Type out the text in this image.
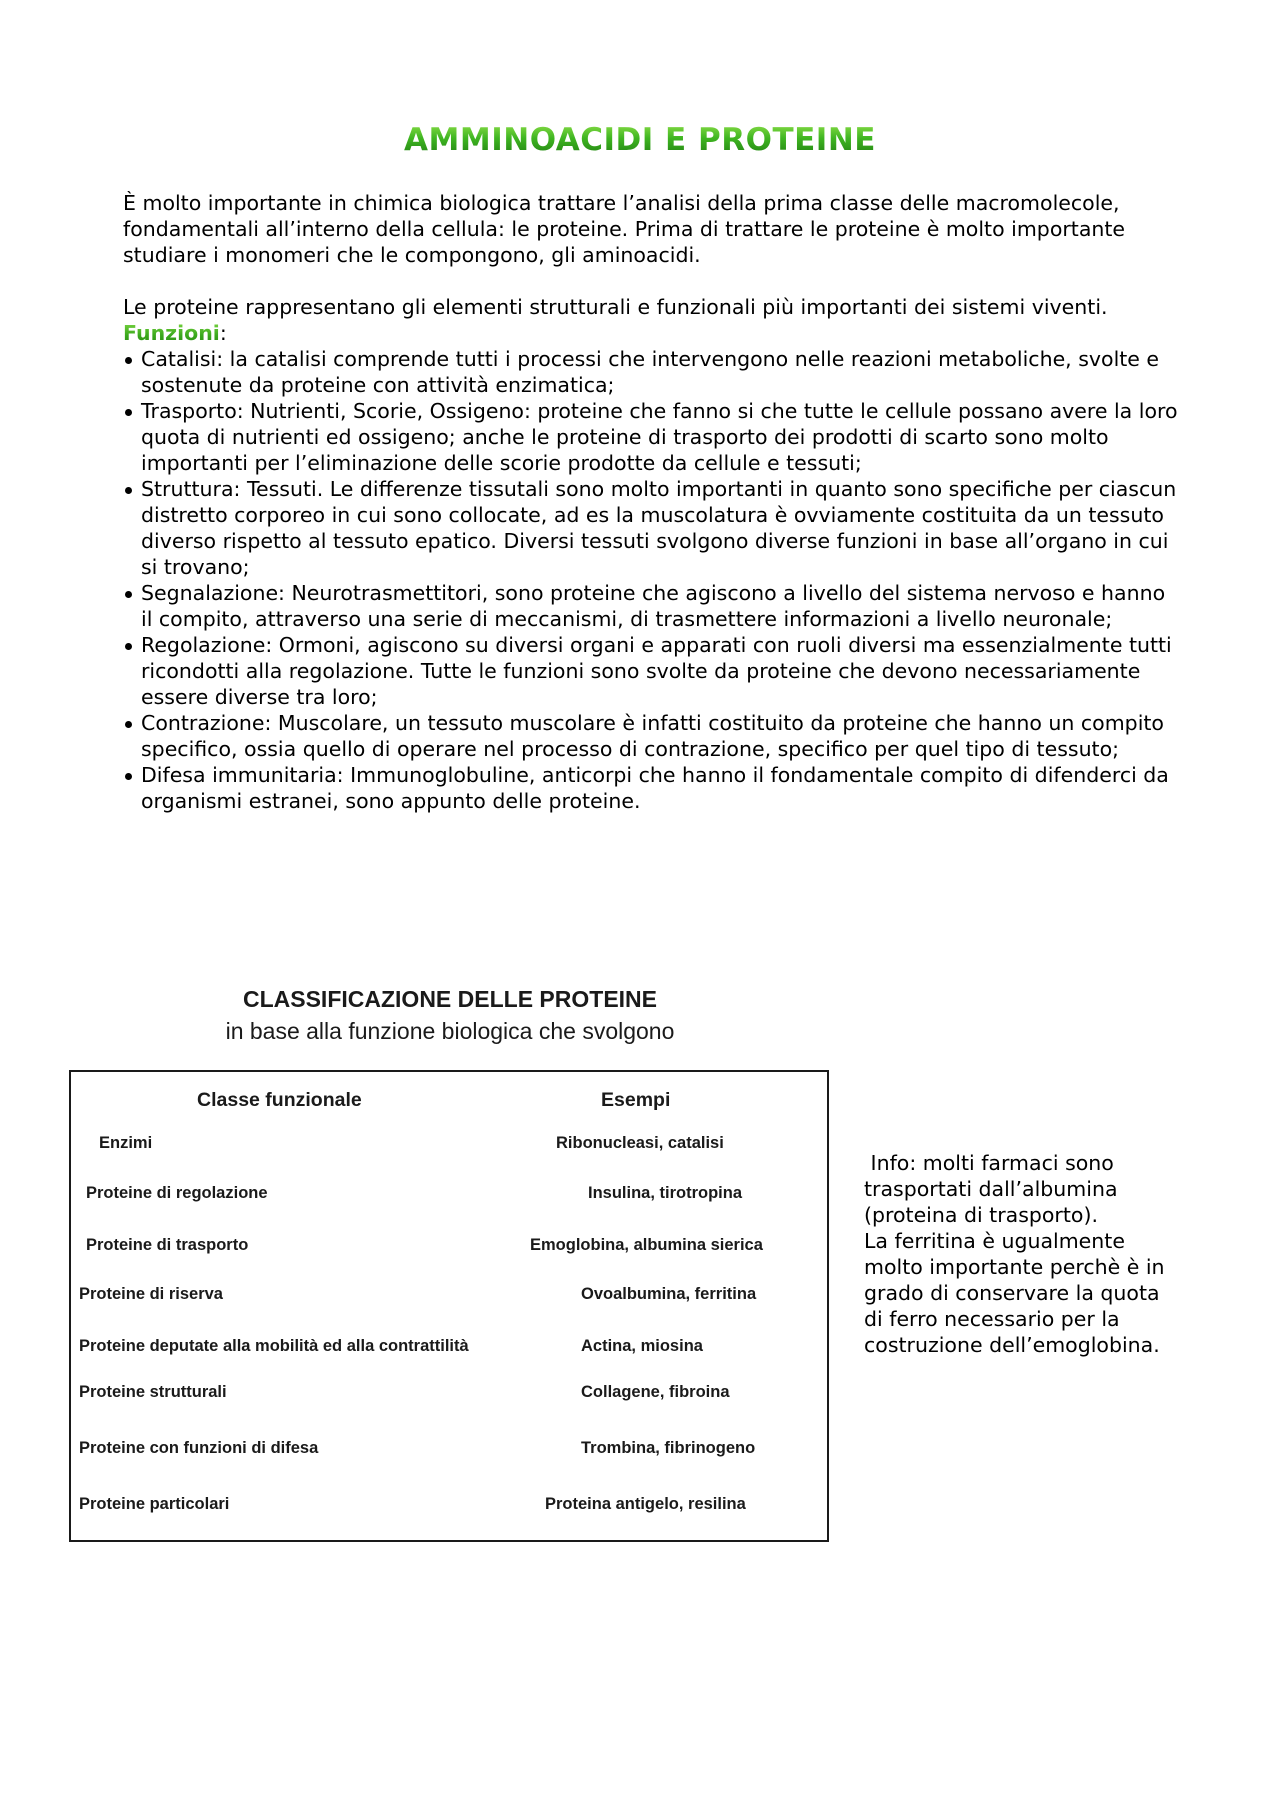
AMMINOACIDI E PROTEINE
È molto importante in chimica biologica trattare l’analisi della prima classe delle macromolecole, fondamentali all’interno della cellula: le proteine. Prima di trattare le proteine è molto importante studiare i monomeri che le compongono, gli aminoacidi.
Le proteine rappresentano gli elementi strutturali e funzionali più importanti dei sistemi viventi.
Funzioni:
Catalisi: la catalisi comprende tutti i processi che intervengono nelle reazioni metaboliche, svolte e sostenute da proteine con attività enzimatica;
Trasporto: Nutrienti, Scorie, Ossigeno: proteine che fanno si che tutte le cellule possano avere la loro quota di nutrienti ed ossigeno; anche le proteine di trasporto dei prodotti di scarto sono molto importanti per l’eliminazione delle scorie prodotte da cellule e tessuti;
Struttura: Tessuti. Le differenze tissutali sono molto importanti in quanto sono specifiche per ciascun distretto corporeo in cui sono collocate, ad es la muscolatura è ovviamente costituita da un tessuto diverso rispetto al tessuto epatico. Diversi tessuti svolgono diverse funzioni in base all’organo in cui si trovano;
Segnalazione: Neurotrasmettitori, sono proteine che agiscono a livello del sistema nervoso e hanno il compito, attraverso una serie di meccanismi, di trasmettere informazioni a livello neuronale;
Regolazione: Ormoni, agiscono su diversi organi e apparati con ruoli diversi ma essenzialmente tutti ricondotti alla regolazione. Tutte le funzioni sono svolte da proteine che devono necessariamente essere diverse tra loro;
Contrazione: Muscolare, un tessuto muscolare è infatti costituito da proteine che hanno un compito specifico, ossia quello di operare nel processo di contrazione, specifico per quel tipo di tessuto;
Difesa immunitaria: Immunoglobuline, anticorpi che hanno il fondamentale compito di difenderci da organismi estranei, sono appunto delle proteine.
CLASSIFICAZIONE DELLE PROTEINE
in base alla funzione biologica che svolgono
Classe funzionale	Esempi
Enzimi	Ribonucleasi, catalisi
Proteine di regolazione	Insulina, tirotropina
Proteine di trasporto	Emoglobina, albumina sierica
Proteine di riserva	Ovoalbumina, ferritina
Proteine deputate alla mobilità ed alla contrattilità	Actina, miosina
Proteine strutturali	Collagene, fibroina
Proteine con funzioni di difesa	Trombina, fibrinogeno
Proteine particolari	Proteina antigelo, resilina
Info: molti farmaci sono trasportati dall’albumina (proteina di trasporto).
La ferritina è ugualmente molto importante perchè è in grado di conservare la quota di ferro necessario per la costruzione dell’emoglobina.
